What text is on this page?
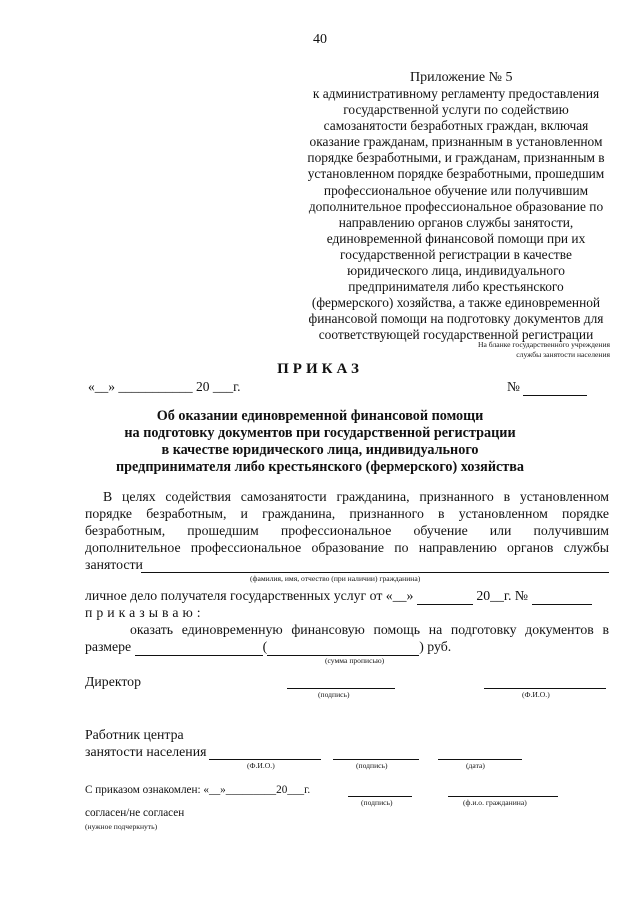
40
Приложение № 5
к административному регламенту предоставления
государственной услуги по содействию
самозанятости безработных граждан, включая
оказание гражданам, признанным в установленном
порядке безработными, и гражданам, признанным в
установленном порядке безработными, прошедшим
профессиональное обучение или получившим
дополнительное профессиональное образование по
направлению органов службы занятости,
единовременной финансовой помощи при их
государственной регистрации в качестве
юридического лица, индивидуального
предпринимателя либо крестьянского
(фермерского) хозяйства, а также единовременной
финансовой помощи на подготовку документов для
соответствующей государственной регистрации
На бланке государственного учреждения
службы занятости населения
ПРИКАЗ
«__» ___________ 20 ___г.	№
Об оказании единовременной финансовой помощи
на подготовку документов при государственной регистрации
в качестве юридического лица, индивидуального
предпринимателя либо крестьянского (фермерского) хозяйства
В целях содействия самозанятости гражданина, признанного в установленном
порядке безработным, и гражданина, признанного в установленном порядке
безработным, прошедшим профессиональное обучение или получившим
дополнительное профессиональное образование по направлению органов службы
занятости
(фамилия, имя, отчество (при наличии) гражданина)
личное дело получателя государственных услуг от «__»	20__г. №
приказываю:
оказать единовременную финансовую помощь на подготовку документов в
размере	(	) руб.
(сумма прописью)
Директор
(подпись)	(Ф.И.О.)
Работник центра
занятости населения
(Ф.И.О.)	(подпись)	(дата)
С приказом ознакомлен: «__»_________20___г.
(подпись)	(ф.и.о. гражданина)
согласен/не согласен
(нужное подчеркнуть)
